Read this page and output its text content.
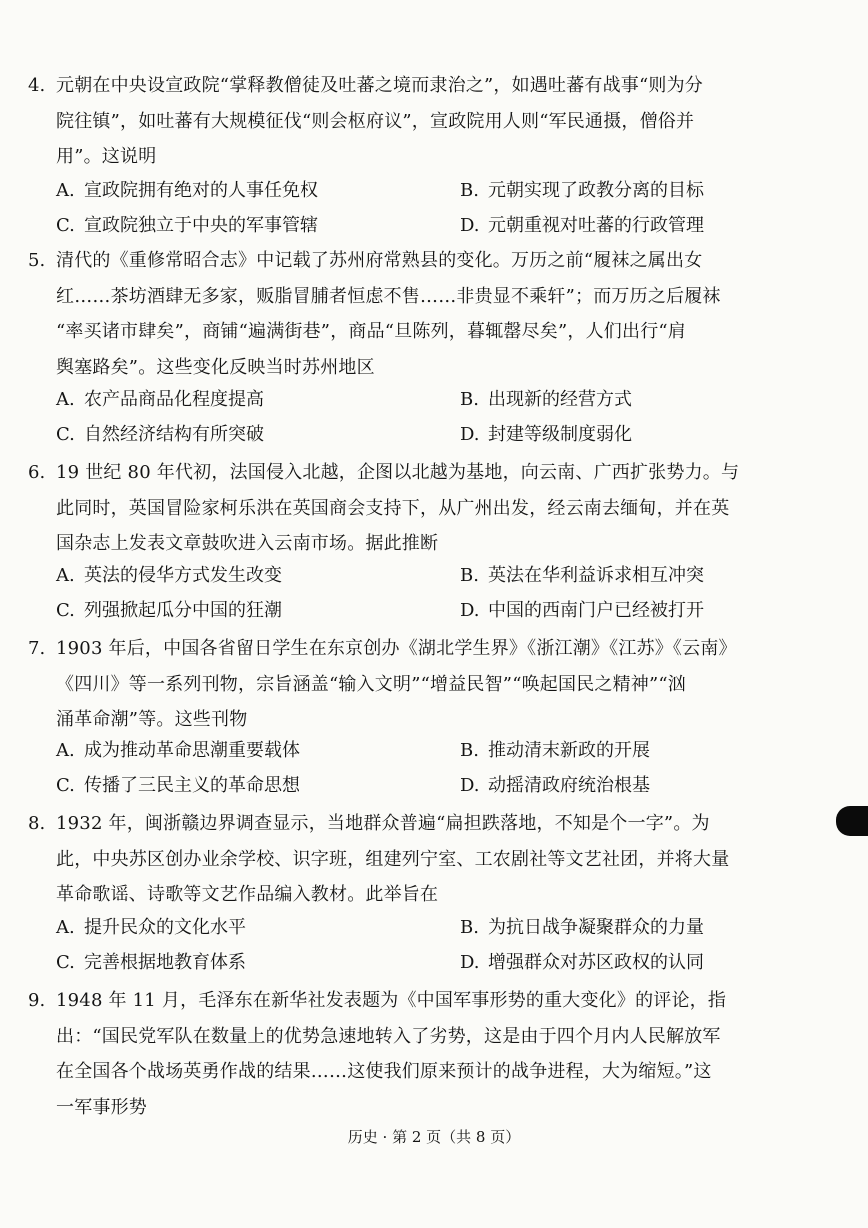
4. 元朝在中央设宣政院“掌释教僧徒及吐蕃之境而隶治之”，如遇吐蕃有战事“则为分
院往镇”，如吐蕃有大规模征伐“则会枢府议”，宣政院用人则“军民通摄，僧俗并
用”。这说明
A. 宣政院拥有绝对的人事任免权	B. 元朝实现了政教分离的目标
C. 宣政院独立于中央的军事管辖	D. 元朝重视对吐蕃的行政管理
5. 清代的《重修常昭合志》中记载了苏州府常熟县的变化。万历之前“履袜之属出女
红……茶坊酒肆无多家，贩脂冒脯者恒虑不售……非贵显不乘轩”；而万历之后履袜
“率买诸市肆矣”，商铺“遍满街巷”，商品“旦陈列，暮辄罄尽矣”，人们出行“肩
舆塞路矣”。这些变化反映当时苏州地区
A. 农产品商品化程度提高	B. 出现新的经营方式
C. 自然经济结构有所突破	D. 封建等级制度弱化
6. 19 世纪 80 年代初，法国侵入北越，企图以北越为基地，向云南、广西扩张势力。与
此同时，英国冒险家柯乐洪在英国商会支持下，从广州出发，经云南去缅甸，并在英
国杂志上发表文章鼓吹进入云南市场。据此推断
A. 英法的侵华方式发生改变	B. 英法在华利益诉求相互冲突
C. 列强掀起瓜分中国的狂潮	D. 中国的西南门户已经被打开
7. 1903 年后，中国各省留日学生在东京创办《湖北学生界》《浙江潮》《江苏》《云南》
《四川》等一系列刊物，宗旨涵盖“输入文明”“增益民智”“唤起国民之精神”“汹
涌革命潮”等。这些刊物
A. 成为推动革命思潮重要载体	B. 推动清末新政的开展
C. 传播了三民主义的革命思想	D. 动摇清政府统治根基
8. 1932 年，闽浙赣边界调查显示，当地群众普遍“扁担跌落地，不知是个一字”。为
此，中央苏区创办业余学校、识字班，组建列宁室、工农剧社等文艺社团，并将大量
革命歌谣、诗歌等文艺作品编入教材。此举旨在
A. 提升民众的文化水平	B. 为抗日战争凝聚群众的力量
C. 完善根据地教育体系	D. 增强群众对苏区政权的认同
9. 1948 年 11 月，毛泽东在新华社发表题为《中国军事形势的重大变化》的评论，指
出：“国民党军队在数量上的优势急速地转入了劣势，这是由于四个月内人民解放军
在全国各个战场英勇作战的结果……这使我们原来预计的战争进程，大为缩短。”这
一军事形势
历史 · 第 2 页（共 8 页）
